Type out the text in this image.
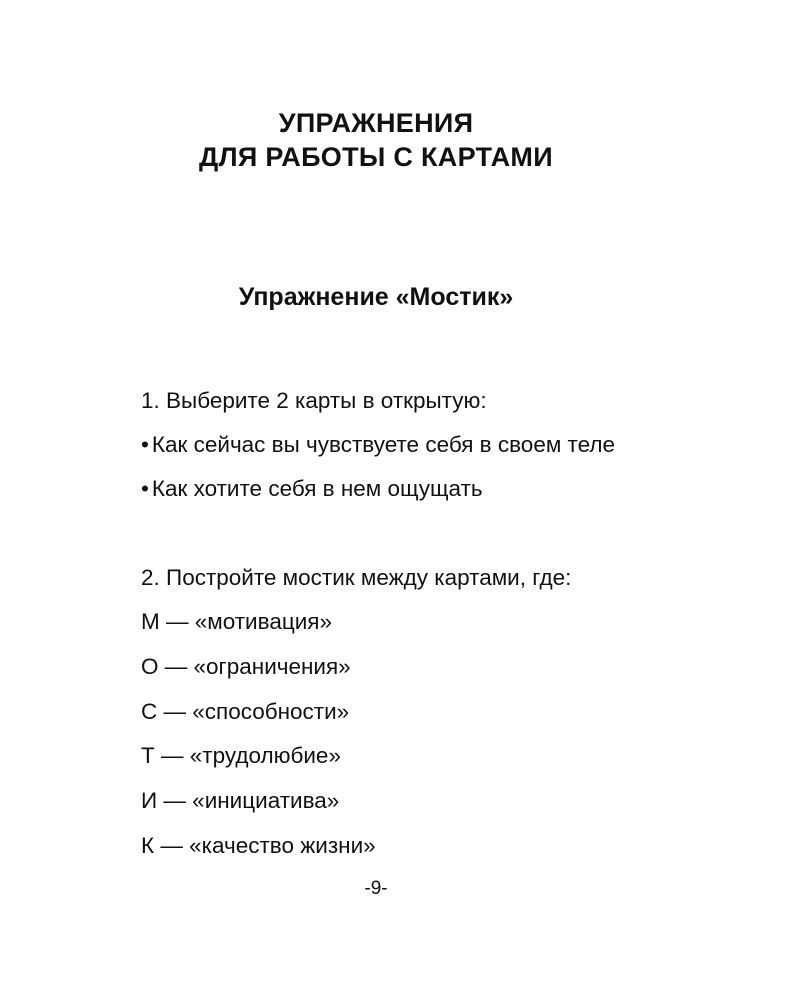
УПРАЖНЕНИЯ
ДЛЯ РАБОТЫ С КАРТАМИ
Упражнение «Мостик»
1. Выберите 2 карты в открытую:
• Как сейчас вы чувствуете себя в своем теле
• Как хотите себя в нем ощущать
2. Постройте мостик между картами, где:
М — «мотивация»
О — «ограничения»
С — «способности»
Т — «трудолюбие»
И — «инициатива»
К — «качество жизни»
-9-
